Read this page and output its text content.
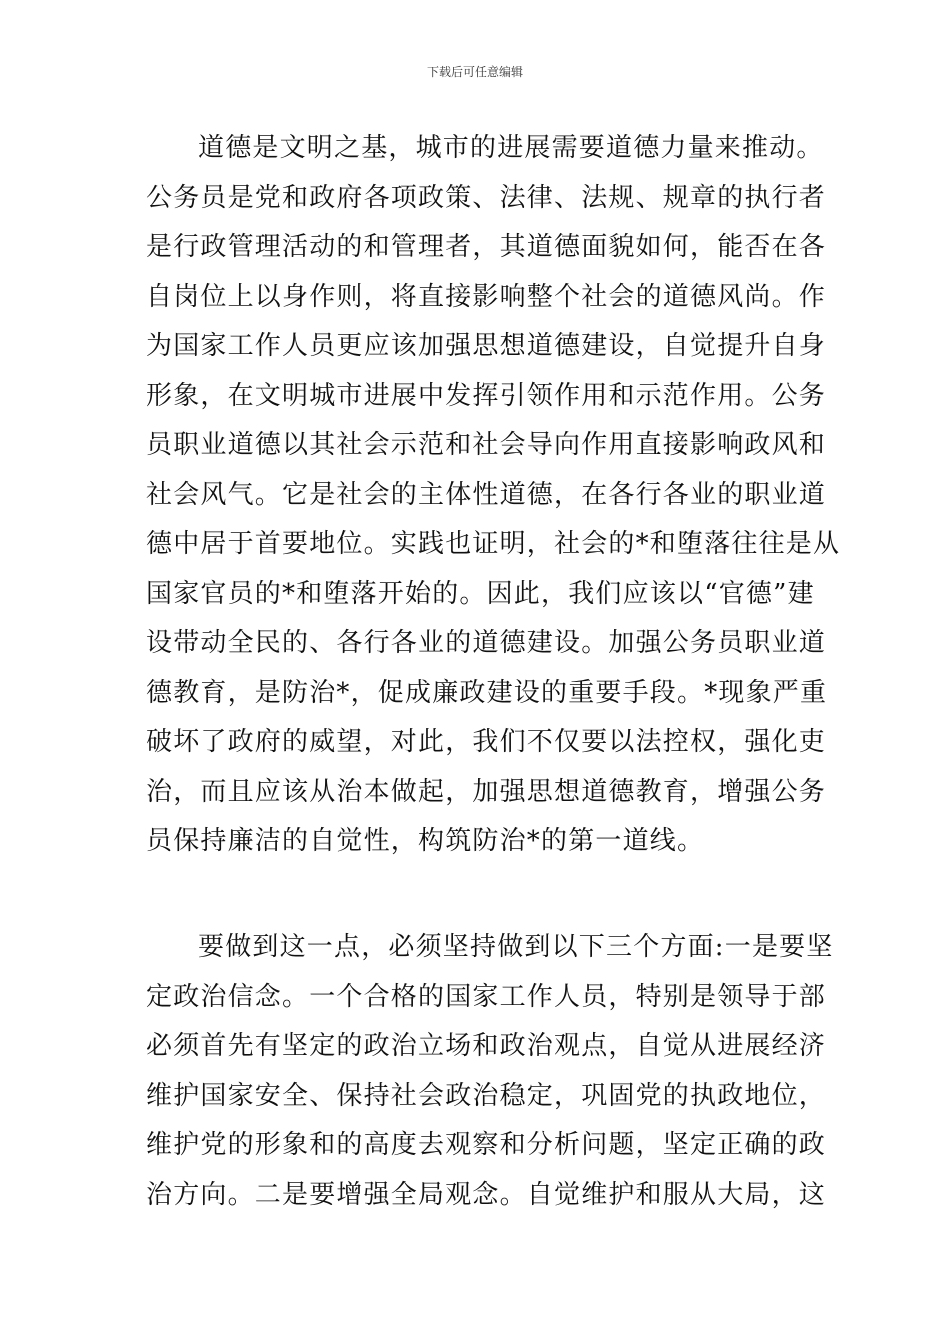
下载后可任意编辑
道德是文明之基，城市的进展需要道德力量来推动。
公务员是党和政府各项政策、法律、法规、规章的执行者
是行政管理活动的和管理者，其道德面貌如何，能否在各
自岗位上以身作则，将直接影响整个社会的道德风尚。作
为国家工作人员更应该加强思想道德建设，自觉提升自身
形象，在文明城市进展中发挥引领作用和示范作用。公务
员职业道德以其社会示范和社会导向作用直接影响政风和
社会风气。它是社会的主体性道德，在各行各业的职业道
德中居于首要地位。实践也证明，社会的*和堕落往往是从
国家官员的*和堕落开始的。因此，我们应该以“官德”建
设带动全民的、各行各业的道德建设。加强公务员职业道
德教育，是防治*，促成廉政建设的重要手段。*现象严重
破坏了政府的威望，对此，我们不仅要以法控权，强化吏
治，而且应该从治本做起，加强思想道德教育，增强公务
员保持廉洁的自觉性，构筑防治*的第一道线。
要做到这一点，必须坚持做到以下三个方面:一是要坚
定政治信念。一个合格的国家工作人员，特别是领导于部
必须首先有坚定的政治立场和政治观点，自觉从进展经济
维护国家安全、保持社会政治稳定，巩固党的执政地位，
维护党的形象和的高度去观察和分析问题，坚定正确的政
治方向。二是要增强全局观念。自觉维护和服从大局，这
